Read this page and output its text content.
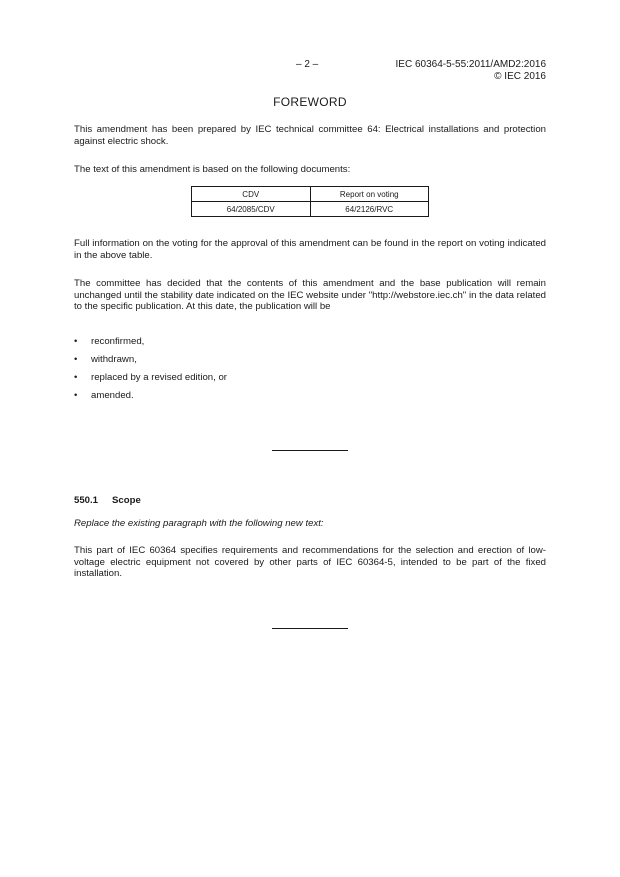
– 2 –	IEC 60364-5-55:2011/AMD2:2016
© IEC 2016
FOREWORD

This amendment has been prepared by IEC technical committee 64: Electrical installations and protection against electric shock.

The text of this amendment is based on the following documents:

CDV	Report on voting
64/2085/CDV	64/2126/RVC

Full information on the voting for the approval of this amendment can be found in the report on voting indicated in the above table.

The committee has decided that the contents of this amendment and the base publication will remain unchanged until the stability date indicated on the IEC website under "http://webstore.iec.ch" in the data related to the specific publication. At this date, the publication will be

• reconfirmed,
• withdrawn,
• replaced by a revised edition, or
• amended.
550.1 Scope

Replace the existing paragraph with the following new text:

This part of IEC 60364 specifies requirements and recommendations for the selection and erection of low-voltage electric equipment not covered by other parts of IEC 60364-5, intended to be part of the fixed installation.
